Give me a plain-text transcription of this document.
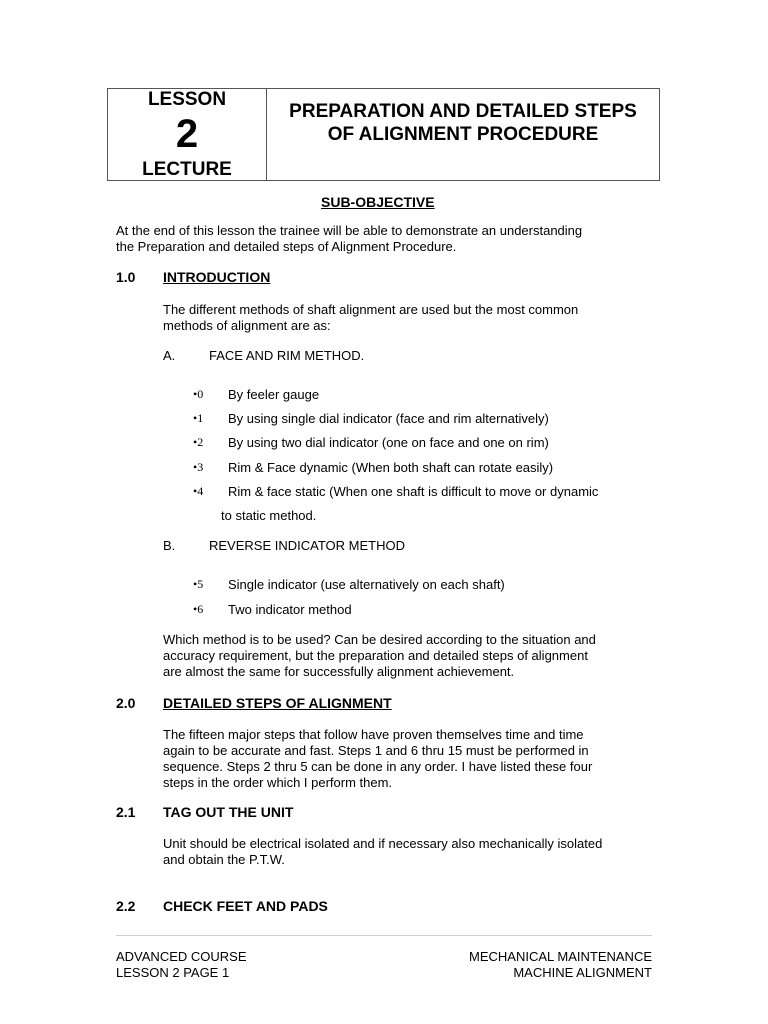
LESSON
2
LECTURE
PREPARATION AND DETAILED STEPS
OF ALIGNMENT PROCEDURE
SUB-OBJECTIVE
At the end of this lesson the trainee will be able to demonstrate an understanding
the Preparation and detailed steps of Alignment Procedure.
1.0 INTRODUCTION
The different methods of shaft alignment are used but the most common
methods of alignment are as:
A.	FACE AND RIM METHOD.
•0 By feeler gauge
•1 By using single dial indicator (face and rim alternatively)
•2 By using two dial indicator (one on face and one on rim)
•3 Rim & Face dynamic (When both shaft can rotate easily)
•4 Rim & face static (When one shaft is difficult to move or dynamic
to static method.
B.	REVERSE INDICATOR METHOD
•5 Single indicator (use alternatively on each shaft)
•6 Two indicator method
Which method is to be used? Can be desired according to the situation and
accuracy requirement, but the preparation and detailed steps of alignment
are almost the same for successfully alignment achievement.
2.0 DETAILED STEPS OF ALIGNMENT
The fifteen major steps that follow have proven themselves time and time
again to be accurate and fast. Steps 1 and 6 thru 15 must be performed in
sequence. Steps 2 thru 5 can be done in any order. I have listed these four
steps in the order which I perform them.
2.1 TAG OUT THE UNIT
Unit should be electrical isolated and if necessary also mechanically isolated
and obtain the P.T.W.
2.2 CHECK FEET AND PADS
ADVANCED COURSE
LESSON 2 PAGE 1
MECHANICAL MAINTENANCE
MACHINE ALIGNMENT
